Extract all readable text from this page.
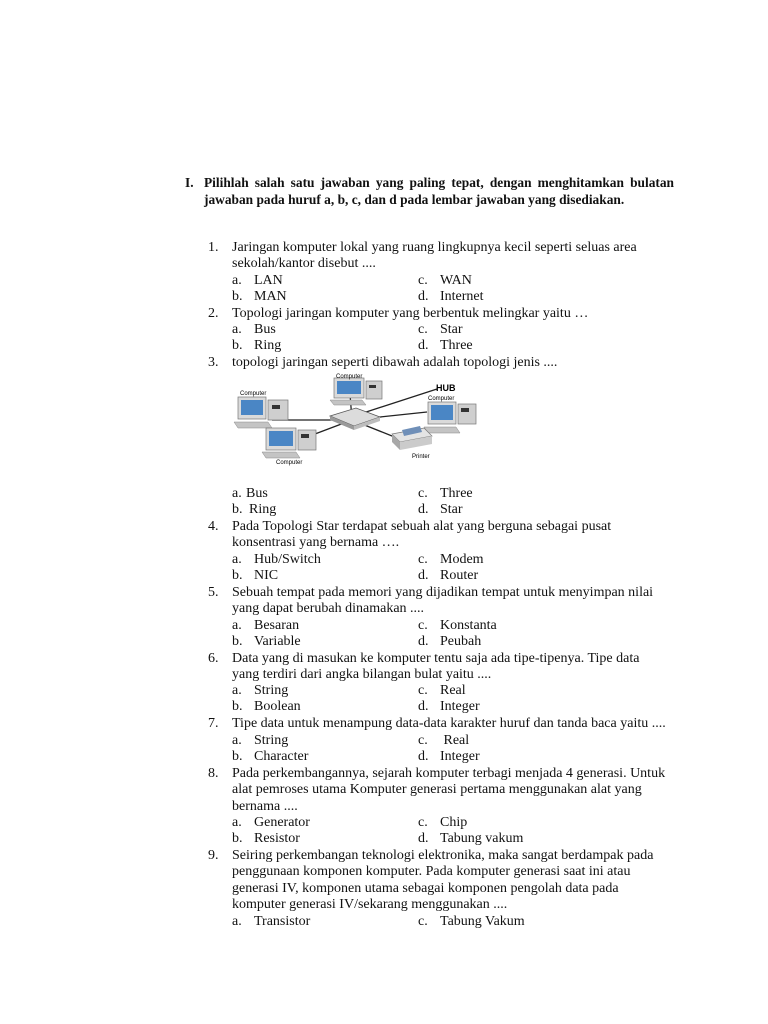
I. Pilihlah salah satu jawaban yang paling tepat, dengan menghitamkan bulatan jawaban pada huruf a, b, c, dan d pada lembar jawaban yang disediakan.
HUB
Computer
Computer
Computer
Computer
Printer
1. Jaringan komputer lokal yang ruang lingkupnya kecil seperti seluas area
sekolah/kantor disebut ....
a. LAN	c. WAN
b. MAN	d. Internet
2. Topologi jaringan komputer yang berbentuk melingkar yaitu …
a. Bus	c. Star
b. Ring	d. Three
3. topologi jaringan seperti dibawah adalah topologi jenis ....
a. Bus	c. Three
b. Ring	d. Star
4. Pada Topologi Star terdapat sebuah alat yang berguna sebagai pusat
konsentrasi yang bernama ….
a. Hub/Switch	c. Modem
b. NIC	d. Router
5. Sebuah tempat pada memori yang dijadikan tempat untuk menyimpan nilai
yang dapat berubah dinamakan ....
a. Besaran	c. Konstanta
b. Variable	d. Peubah
6. Data yang di masukan ke komputer tentu saja ada tipe-tipenya. Tipe data
yang terdiri dari angka bilangan bulat yaitu ....
a. String	c. Real
b. Boolean	d. Integer
7. Tipe data untuk menampung data-data karakter huruf dan tanda baca yaitu ....
a. String	c. Real
b. Character	d. Integer
8. Pada perkembangannya, sejarah komputer terbagi menjada 4 generasi. Untuk
alat pemroses utama Komputer generasi pertama menggunakan alat yang
bernama ....
a. Generator	c. Chip
b. Resistor	d. Tabung vakum
9. Seiring perkembangan teknologi elektronika, maka sangat berdampak pada
penggunaan komponen komputer. Pada komputer generasi saat ini atau
generasi IV, komponen utama sebagai komponen pengolah data pada
komputer generasi IV/sekarang menggunakan ....
a. Transistor	c. Tabung Vakum
